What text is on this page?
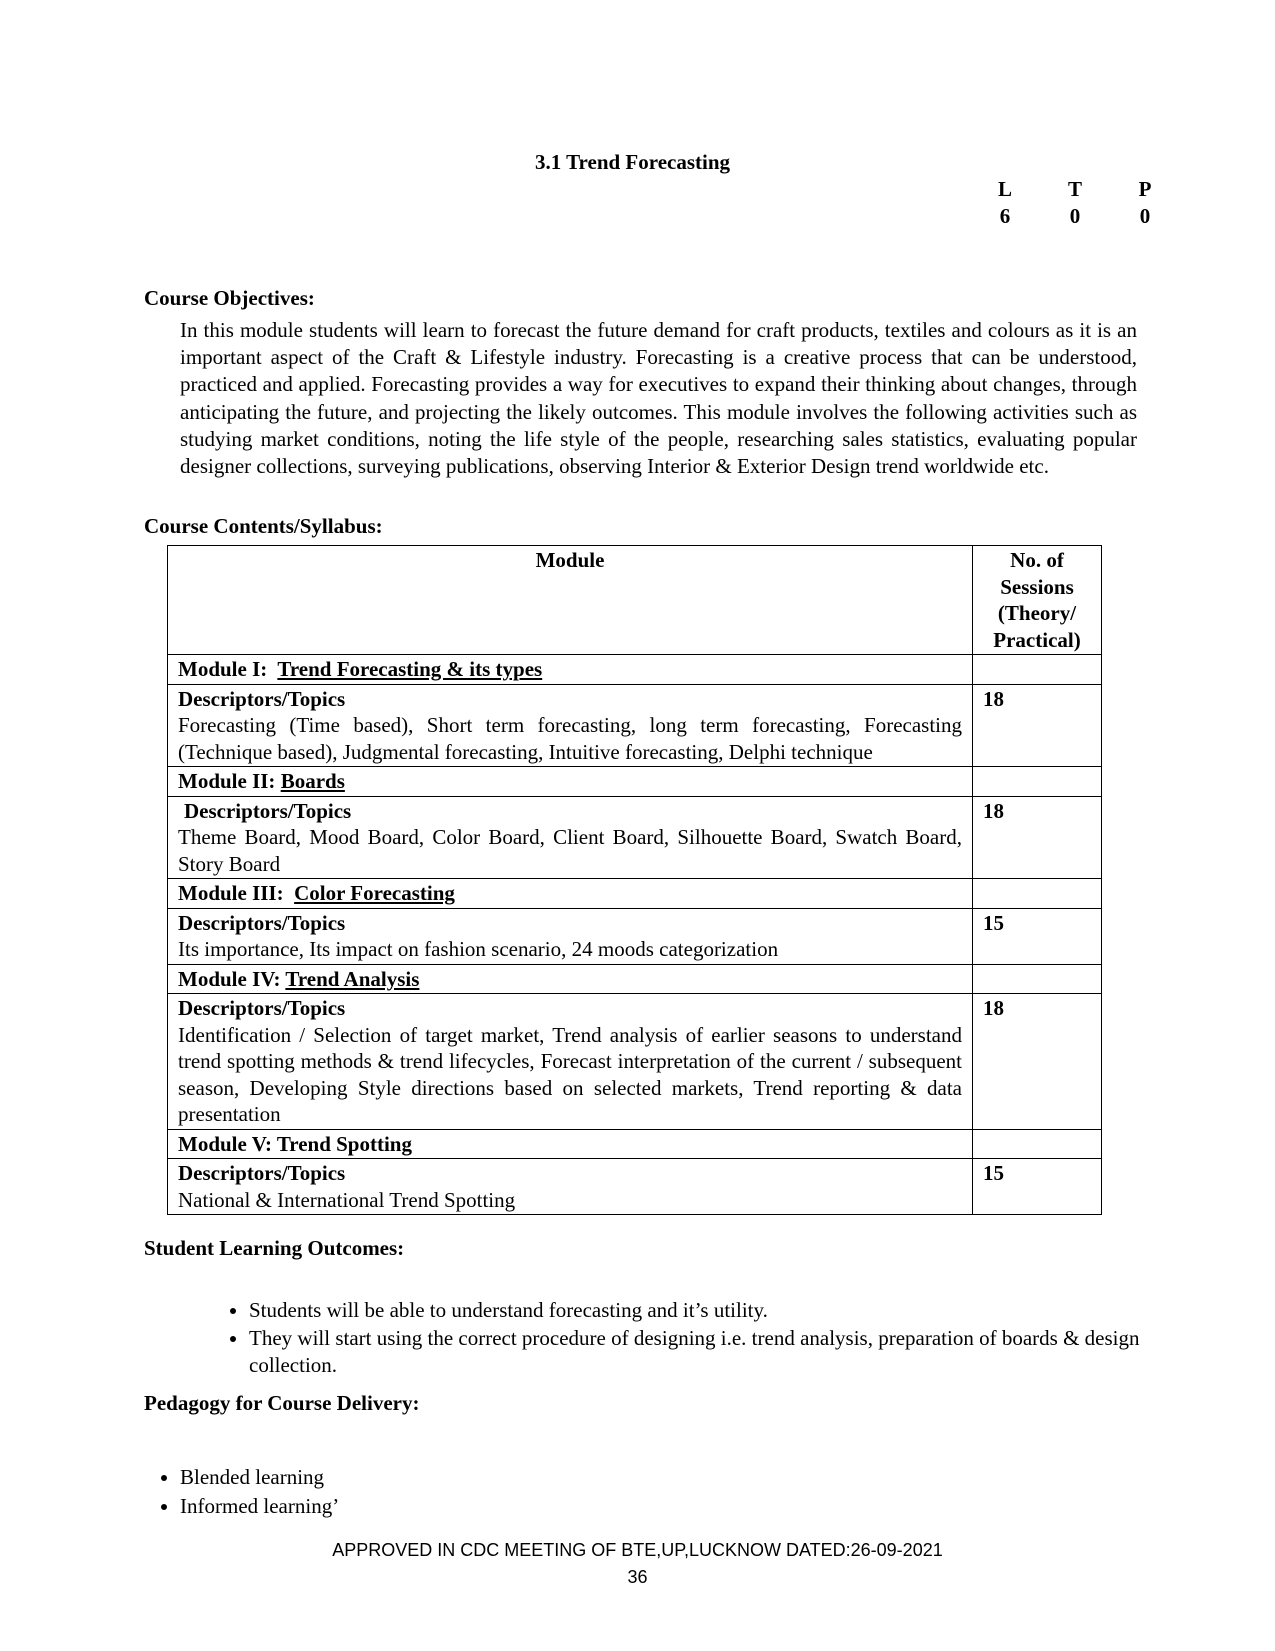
3.1 Trend Forecasting
L	T	P
6	0	0

Course Objectives:

In this module students will learn to forecast the future demand for craft products, textiles and colours as it is an important aspect of the Craft & Lifestyle industry. Forecasting is a creative process that can be understood, practiced and applied. Forecasting provides a way for executives to expand their thinking about changes, through anticipating the future, and projecting the likely outcomes. This module involves the following activities such as studying market conditions, noting the life style of the people, researching sales statistics, evaluating popular designer collections, surveying publications, observing Interior & Exterior Design trend worldwide etc.

Course Contents/Syllabus:

Module	No. of Sessions (Theory/ Practical)
Module I: Trend Forecasting & its types	

Descriptors/Topics
Forecasting (Time based), Short term forecasting, long term forecasting, Forecasting (Technique based), Judgmental forecasting, Intuitive forecasting, Delphi technique	18
Module II: Boards	

Descriptors/Topics
Theme Board, Mood Board, Color Board, Client Board, Silhouette Board, Swatch Board, Story Board	18
Module III: Color Forecasting	

Descriptors/Topics
Its importance, Its impact on fashion scenario, 24 moods categorization	15
Module IV: Trend Analysis	

Descriptors/Topics
Identification / Selection of target market, Trend analysis of earlier seasons to understand trend spotting methods & trend lifecycles, Forecast interpretation of the current / subsequent season, Developing Style directions based on selected markets, Trend reporting & data presentation	18
Module V: Trend Spotting	

Descriptors/Topics
National & International Trend Spotting	15

Student Learning Outcomes:

• Students will be able to understand forecasting and it’s utility.
• They will start using the correct procedure of designing i.e. trend analysis, preparation of boards & design collection.

Pedagogy for Course Delivery:

• Blended learning
• Informed learning’
APPROVED IN CDC MEETING OF BTE,UP,LUCKNOW DATED:26-09-2021
36
